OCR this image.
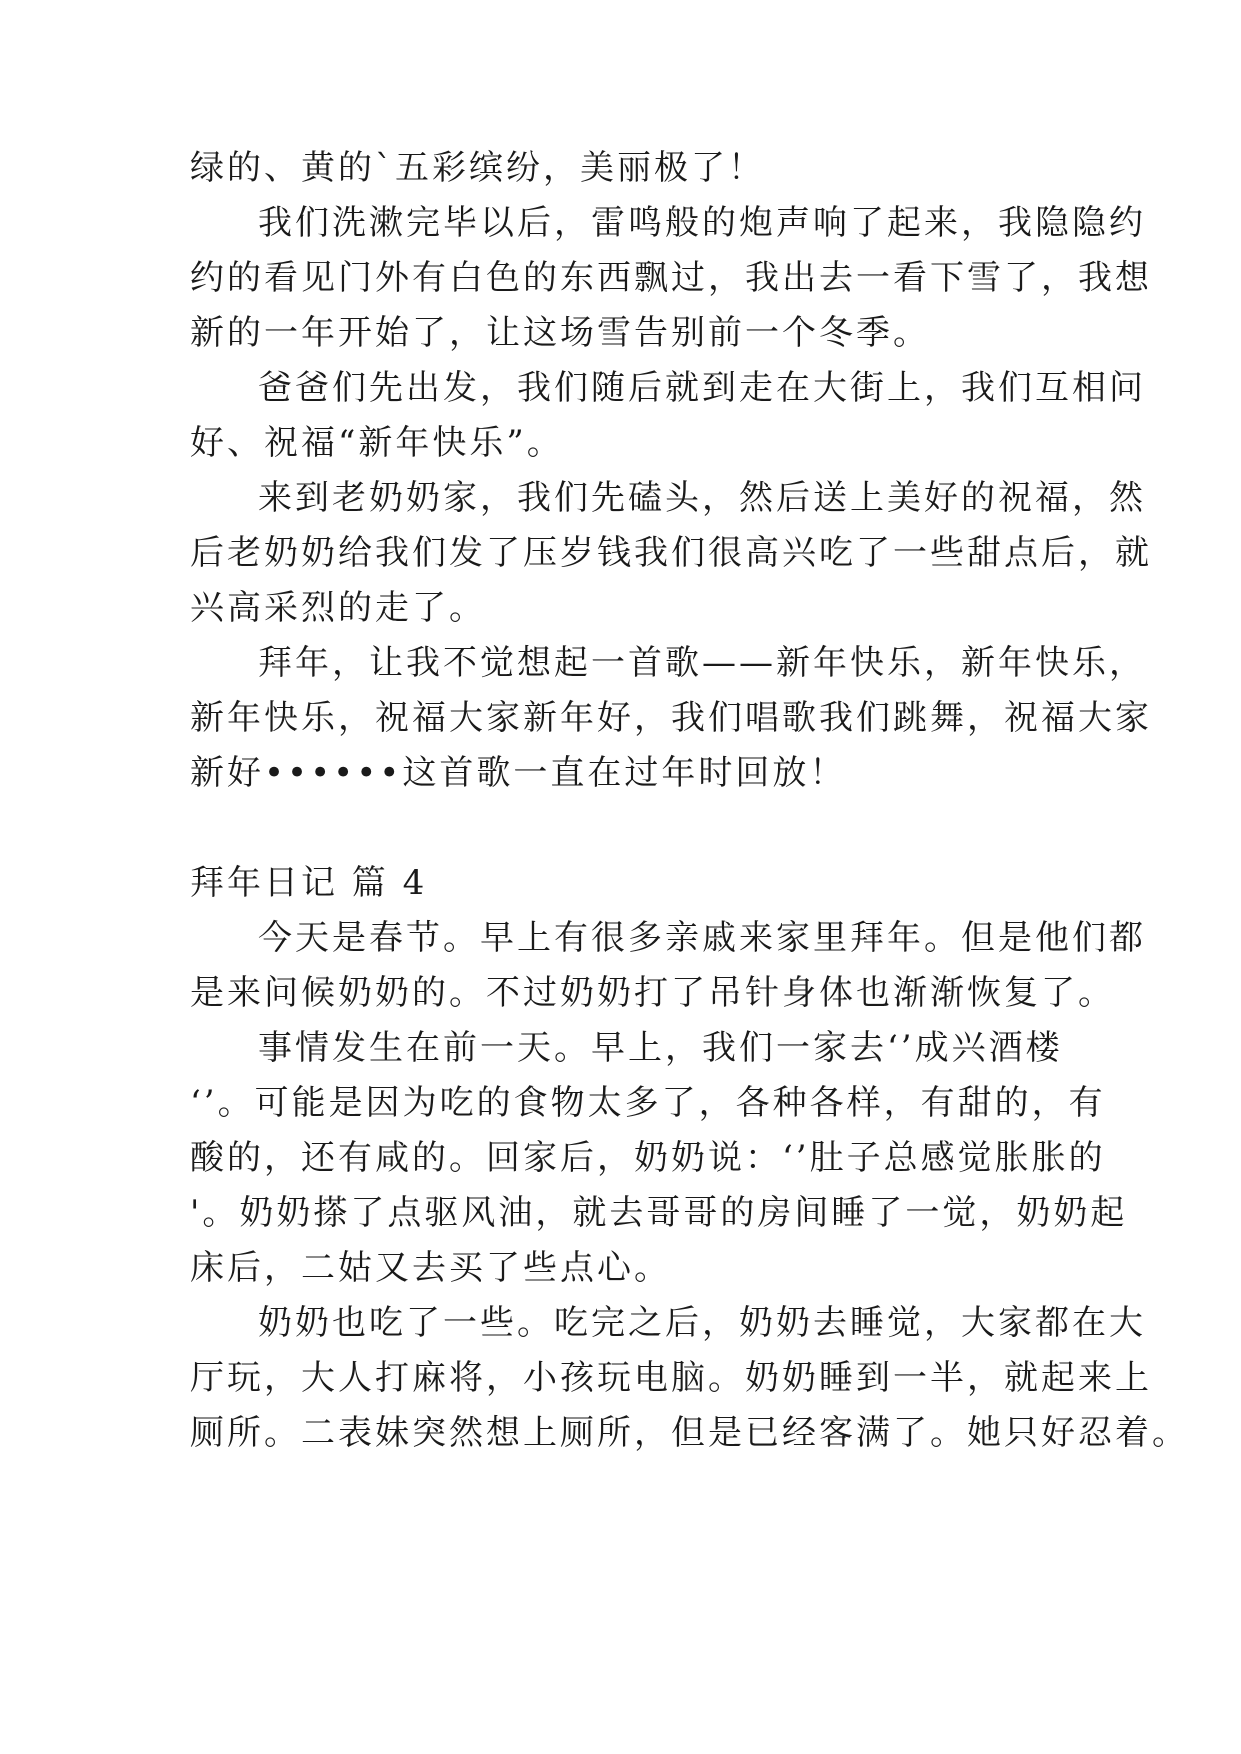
绿的、黄的`五彩缤纷，美丽极了！
我们洗漱完毕以后，雷鸣般的炮声响了起来，我隐隐约
约的看见门外有白色的东西飘过，我出去一看下雪了，我想
新的一年开始了，让这场雪告别前一个冬季。
爸爸们先出发，我们随后就到走在大街上，我们互相问
好、祝福“新年快乐”。
来到老奶奶家，我们先磕头，然后送上美好的祝福，然
后老奶奶给我们发了压岁钱我们很高兴吃了一些甜点后，就
兴高采烈的走了。
拜年，让我不觉想起一首歌——新年快乐，新年快乐，
新年快乐，祝福大家新年好，我们唱歌我们跳舞，祝福大家
新好••••••这首歌一直在过年时回放！
拜年日记 篇 4
今天是春节。早上有很多亲戚来家里拜年。但是他们都
是来问候奶奶的。不过奶奶打了吊针身体也渐渐恢复了。
事情发生在前一天。早上，我们一家去‘’成兴酒楼
‘’。可能是因为吃的食物太多了，各种各样，有甜的，有
酸的，还有咸的。回家后，奶奶说：‘’肚子总感觉胀胀的
'。奶奶搽了点驱风油，就去哥哥的房间睡了一觉，奶奶起
床后，二姑又去买了些点心。
奶奶也吃了一些。吃完之后，奶奶去睡觉，大家都在大
厅玩，大人打麻将，小孩玩电脑。奶奶睡到一半，就起来上
厕所。二表妹突然想上厕所，但是已经客满了。她只好忍着。
